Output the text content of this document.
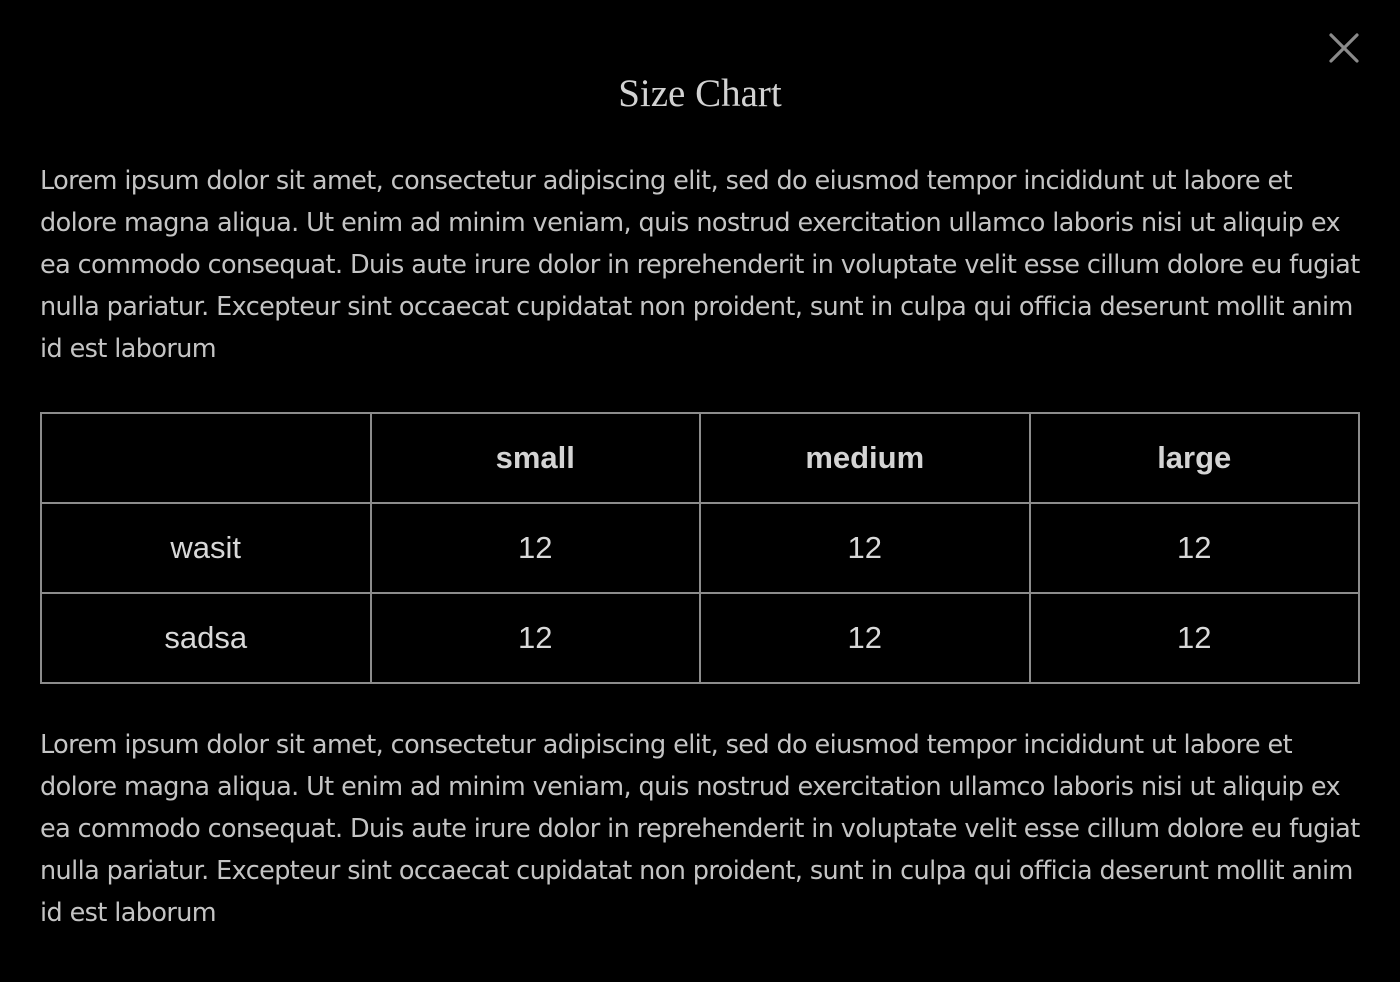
Size Chart

Lorem ipsum dolor sit amet, consectetur adipiscing elit, sed do eiusmod tempor incididunt ut labore et dolore magna aliqua. Ut enim ad minim veniam, quis nostrud exercitation ullamco laboris nisi ut aliquip ex ea commodo consequat. Duis aute irure dolor in reprehenderit in voluptate velit esse cillum dolore eu fugiat nulla pariatur. Excepteur sint occaecat cupidatat non proident, sunt in culpa qui officia deserunt mollit anim id est laborum

	small	medium	large
wasit	12	12	12
sadsa	12	12	12

Lorem ipsum dolor sit amet, consectetur adipiscing elit, sed do eiusmod tempor incididunt ut labore et dolore magna aliqua. Ut enim ad minim veniam, quis nostrud exercitation ullamco laboris nisi ut aliquip ex ea commodo consequat. Duis aute irure dolor in reprehenderit in voluptate velit esse cillum dolore eu fugiat nulla pariatur. Excepteur sint occaecat cupidatat non proident, sunt in culpa qui officia deserunt mollit anim id est laborum
